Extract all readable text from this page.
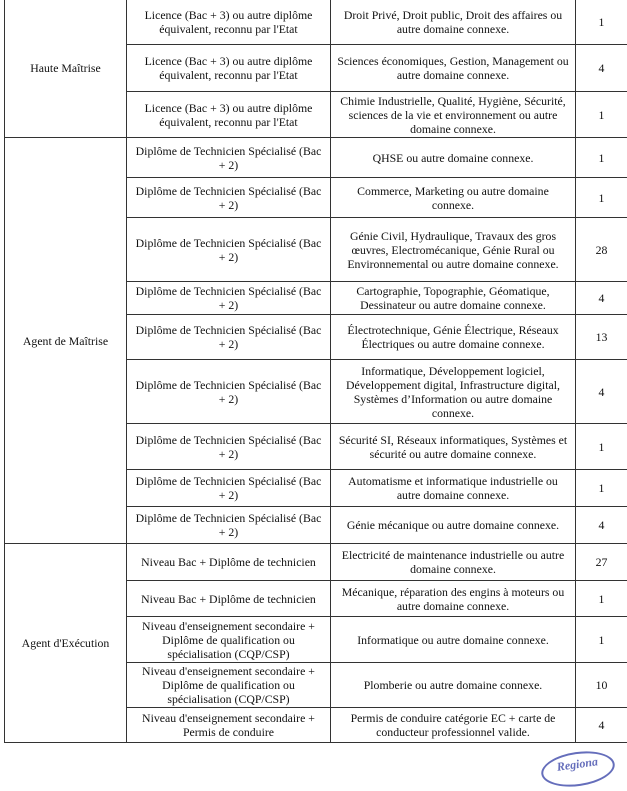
Haute Maîtrise	Licence (Bac + 3) ou autre diplôme équivalent, reconnu par l'Etat	Droit Privé, Droit public, Droit des affaires ou autre domaine connexe.	1
	Licence (Bac + 3) ou autre diplôme équivalent, reconnu par l'Etat	Sciences économiques, Gestion, Management ou autre domaine connexe.	4
	Licence (Bac + 3) ou autre diplôme équivalent, reconnu par l'Etat	Chimie Industrielle, Qualité, Hygiène, Sécurité, sciences de la vie et environnement ou autre domaine connexe.	1
Agent de Maîtrise	Diplôme de Technicien Spécialisé (Bac + 2)	QHSE ou autre domaine connexe.	1
	Diplôme de Technicien Spécialisé (Bac + 2)	Commerce, Marketing ou autre domaine connexe.	1
	Diplôme de Technicien Spécialisé (Bac + 2)	Génie Civil, Hydraulique, Travaux des gros œuvres, Electromécanique, Génie Rural ou Environnemental ou autre domaine connexe.	28
	Diplôme de Technicien Spécialisé (Bac + 2)	Cartographie, Topographie, Géomatique, Dessinateur ou autre domaine connexe.	4
	Diplôme de Technicien Spécialisé (Bac + 2)	Électrotechnique, Génie Électrique, Réseaux Électriques ou autre domaine connexe.	13
	Diplôme de Technicien Spécialisé (Bac + 2)	Informatique, Développement logiciel, Développement digital, Infrastructure digital, Systèmes d’Information ou autre domaine connexe.	4
	Diplôme de Technicien Spécialisé (Bac + 2)	Sécurité SI, Réseaux informatiques, Systèmes et sécurité ou autre domaine connexe.	1
	Diplôme de Technicien Spécialisé (Bac + 2)	Automatisme et informatique industrielle ou autre domaine connexe.	1
	Diplôme de Technicien Spécialisé (Bac + 2)	Génie mécanique ou autre domaine connexe.	4
Agent d'Exécution	Niveau Bac + Diplôme de technicien	Electricité de maintenance industrielle ou autre domaine connexe.	27
	Niveau Bac + Diplôme de technicien	Mécanique, réparation des engins à moteurs ou autre domaine connexe.	1
	Niveau d'enseignement secondaire + Diplôme de qualification ou spécialisation (CQP/CSP)	Informatique ou autre domaine connexe.	1
	Niveau d'enseignement secondaire + Diplôme de qualification ou spécialisation (CQP/CSP)	Plomberie ou autre domaine connexe.	10
	Niveau d'enseignement secondaire + Permis de conduire	Permis de conduire catégorie EC + carte de conducteur professionnel valide.	4
Regiona
